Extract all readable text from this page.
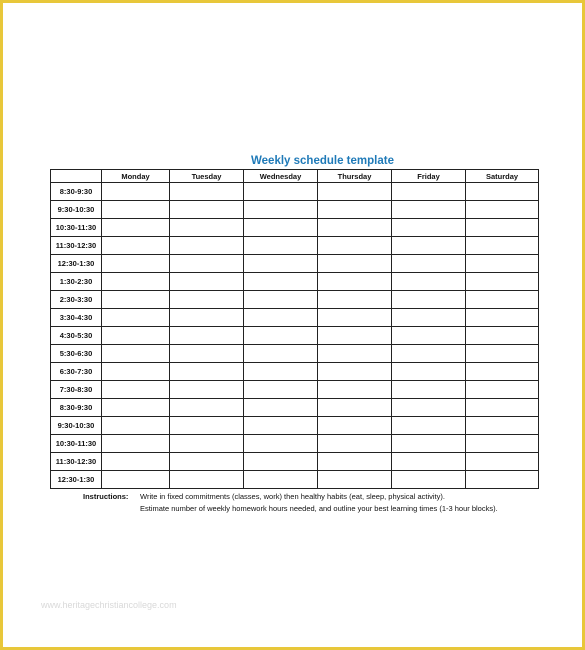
Weekly schedule template
	Monday	Tuesday	Wednesday	Thursday	Friday	Saturday
8:30-9:30						
9:30-10:30						
10:30-11:30						
11:30-12:30						
12:30-1:30						
1:30-2:30						
2:30-3:30						
3:30-4:30						
4:30-5:30						
5:30-6:30						
6:30-7:30						
7:30-8:30						
8:30-9:30						
9:30-10:30						
10:30-11:30						
11:30-12:30						
12:30-1:30						
Instructions: Write in fixed commitments (classes, work) then healthy habits (eat, sleep, physical activity).
Estimate number of weekly homework hours needed, and outline your best learning times (1-3 hour blocks).
www.heritagechristiancollege.com
